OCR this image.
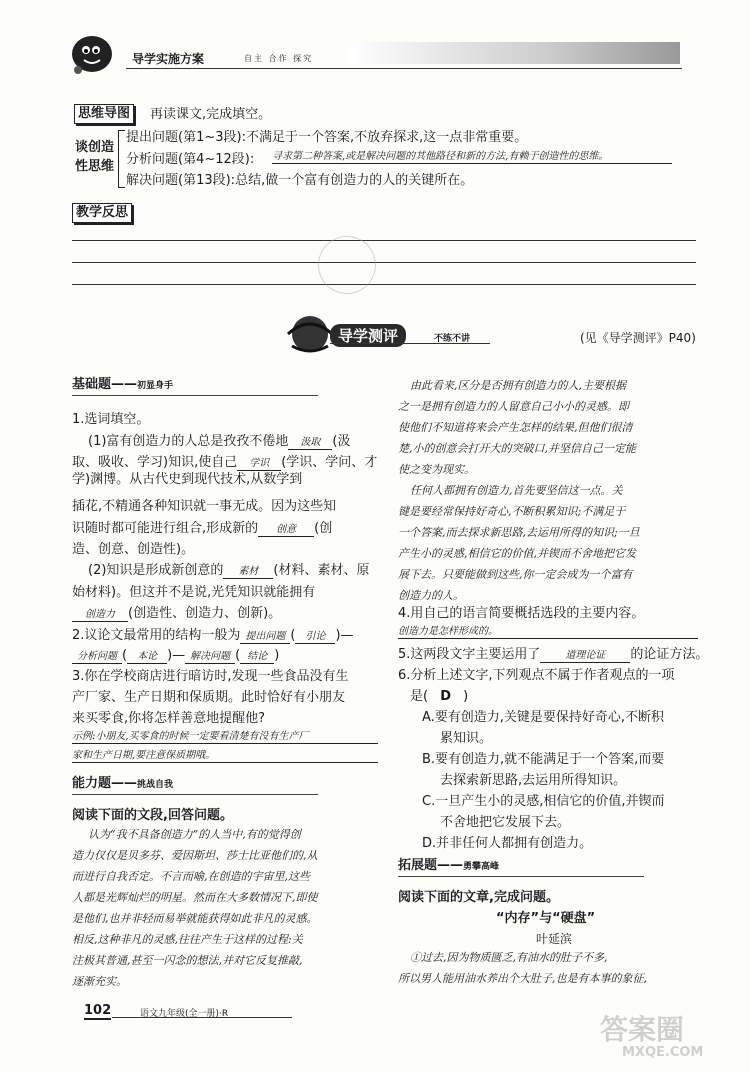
导学实施方案	自主 合作 探究
思维导图	再读课文,完成填空。
谈创造
性思维
提出问题(第1~3段):不满足于一个答案,不放弃探求,这一点非常重要。
分析问题(第4~12段): 寻求第二种答案,或是解决问题的其他路径和新的方法,有赖于创造性的思维。
解决问题(第13段):总结,做一个富有创造力的人的关键所在。
教学反思
导学测评	不练不讲	(见《导学测评》P40)
基础题——初显身手
1.选词填空。
(1)富有创造力的人总是孜孜不倦地 汲取 (汲
取、吸收、学习)知识,使自己 学识 (学识、学问、才学)渊博。从古代史到现代技术,从数学到
插花,不精通各种知识就一事无成。因为这些知
识随时都可能进行组合,形成新的 创意 (创
造、创意、创造性)。
(2)知识是形成新创意的 素材 (材料、素材、原
始材料)。但这并不是说,光凭知识就能拥有
创造力 (创造性、创造力、创新)。
2.议论文最常用的结构一般为 提出问题 ( 引论 )—
分析问题 ( 本论 )— 解决问题 ( 结论 )
3.你在学校商店进行暗访时,发现一些食品没有生
产厂家、生产日期和保质期。此时恰好有小朋友
来买零食,你将怎样善意地提醒他?
示例:小朋友,买零食的时候一定要看清楚有没有生产厂
家和生产日期,要注意保质期哦。
能力题——挑战自我
阅读下面的文段,回答问题。
认为“我不具备创造力”的人当中,有的觉得创
造力仅仅是贝多芬、爱因斯坦、莎士比亚他们的,从
而进行自我否定。不言而喻,在创造的宇宙里,这些
人都是光辉灿烂的明星。然而在大多数情况下,即使
是他们,也并非轻而易举就能获得如此非凡的灵感。
相反,这种非凡的灵感,往往产生于这样的过程:关
注极其普通,甚至一闪念的想法,并对它反复推敲,
逐渐充实。
由此看来,区分是否拥有创造力的人,主要根据
之一是拥有创造力的人留意自己小小的灵感。即
使他们不知道将来会产生怎样的结果,但他们很清
楚,小的创意会打开大的突破口,并坚信自己一定能
使之变为现实。
任何人都拥有创造力,首先要坚信这一点。关
键是要经常保持好奇心,不断积累知识;不满足于
一个答案,而去探求新思路,去运用所得的知识;一旦
产生小的灵感,相信它的价值,并锲而不舍地把它发
展下去。只要能做到这些,你一定会成为一个富有
创造力的人。
4.用自己的语言简要概括选段的主要内容。
创造力是怎样形成的。
5.这两段文字主要运用了	道理论证 的论证方法。
6.分析上述文字,下列观点不属于作者观点的一项
是( D )
A.要有创造力,关键是要保持好奇心,不断积
累知识。
B.要有创造力,就不能满足于一个答案,而要
去探索新思路,去运用所得知识。
C.一旦产生小的灵感,相信它的价值,并锲而
不舍地把它发展下去。
D.并非任何人都拥有创造力。
拓展题——勇攀高峰
阅读下面的文章,完成问题。
“内存”与“硬盘”
叶延滨
①过去,因为物质匮乏,有油水的肚子不多,
所以男人能用油水养出个大肚子,也是有本事的象征,
102	语文九年级(全一册)·R	答案圈
MXQE.COM
